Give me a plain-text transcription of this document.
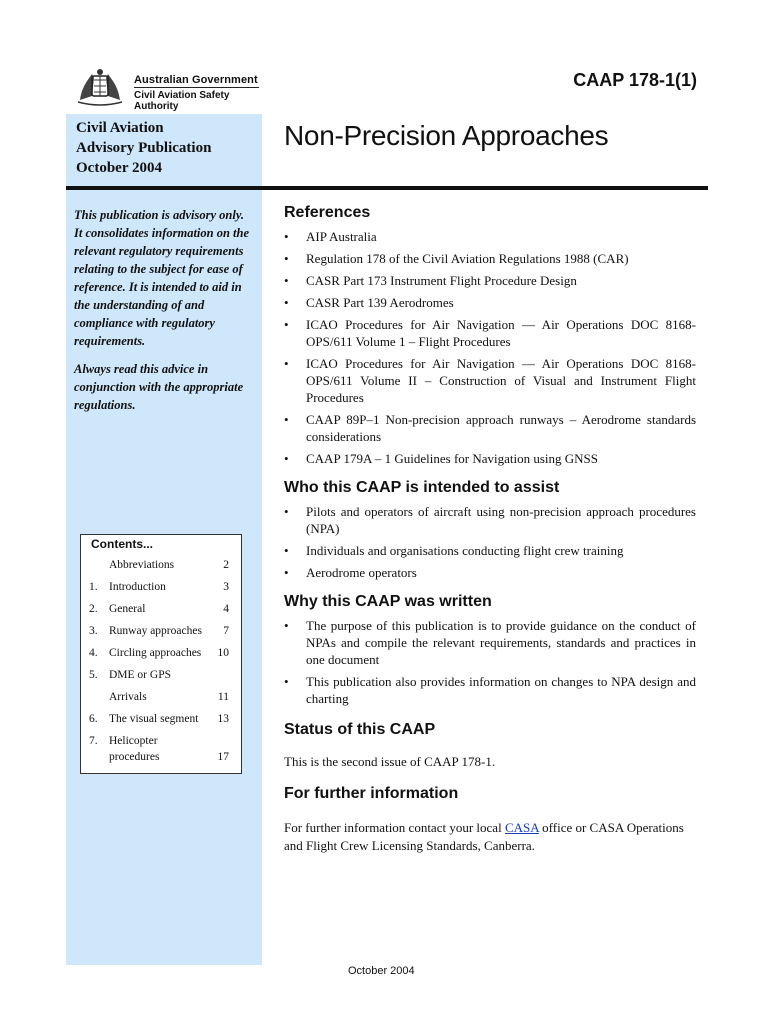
Australian Government
Civil Aviation Safety Authority
CAAP 178-1(1)
Civil Aviation
Advisory Publication
October 2004
Non-Precision Approaches

This publication is advisory only. It consolidates information on the relevant regulatory requirements relating to the subject for ease of reference. It is intended to aid in the understanding of and compliance with regulatory requirements.

Always read this advice in conjunction with the appropriate regulations.

Contents...
Abbreviations	2
1. Introduction	3
2. General	4
3. Runway approaches 7
4. Circling approaches 10
5. DME or GPS
Arrivals	11
6. The visual segment 13
7. Helicopter
procedures	17
References
• AIP Australia
• Regulation 178 of the Civil Aviation Regulations 1988 (CAR)
• CASR Part 173 Instrument Flight Procedure Design
• CASR Part 139 Aerodromes
• ICAO Procedures for Air Navigation — Air Operations DOC 8168-OPS/611 Volume 1 – Flight Procedures
• ICAO Procedures for Air Navigation — Air Operations DOC 8168-OPS/611 Volume II – Construction of Visual and Instrument Flight Procedures
• CAAP 89P–1 Non-precision approach runways – Aerodrome standards considerations
• CAAP 179A – 1 Guidelines for Navigation using GNSS
Who this CAAP is intended to assist
• Pilots and operators of aircraft using non-precision approach procedures (NPA)
• Individuals and organisations conducting flight crew training
• Aerodrome operators
Why this CAAP was written
• The purpose of this publication is to provide guidance on the conduct of NPAs and compile the relevant requirements, standards and practices in one document
• This publication also provides information on changes to NPA design and charting
Status of this CAAP

This is the second issue of CAAP 178-1.

For further information

For further information contact your local CASA office or CASA Operations and Flight Crew Licensing Standards, Canberra.

October 2004
